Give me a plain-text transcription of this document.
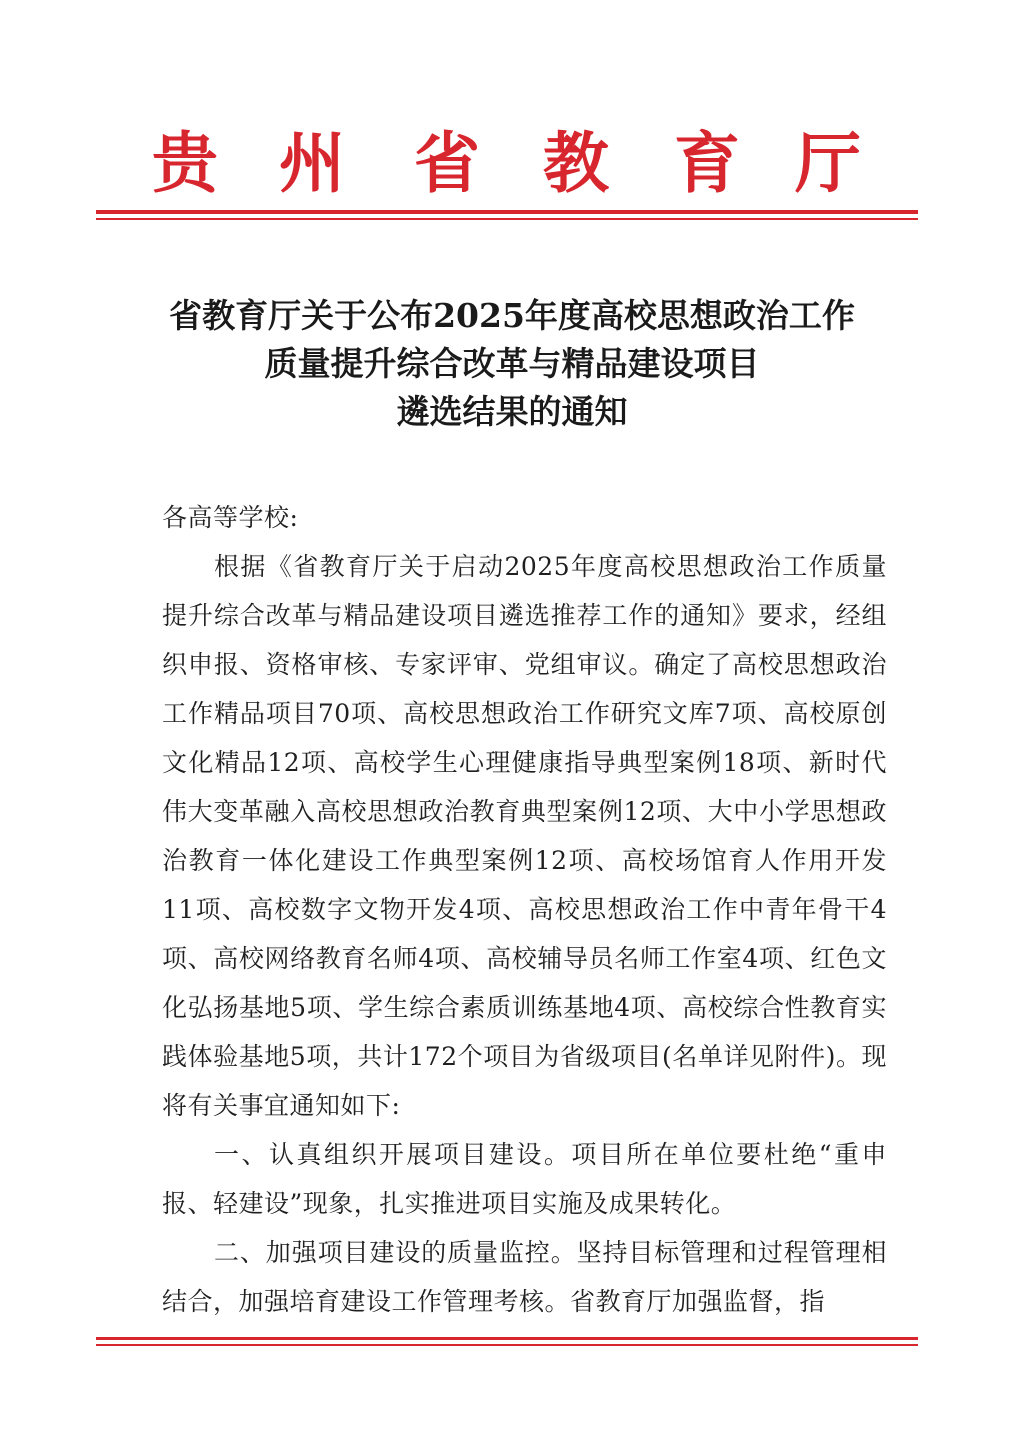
贵 州 省 教 育 厅
省教育厅关于公布2025年度高校思想政治工作
质量提升综合改革与精品建设项目
遴选结果的通知

各高等学校:

根据《省教育厅关于启动2025年度高校思想政治工作质量提升综合改革与精品建设项目遴选推荐工作的通知》要求，经组织申报、资格审核、专家评审、党组审议。确定了高校思想政治工作精品项目70项、高校思想政治工作研究文库7项、高校原创文化精品12项、高校学生心理健康指导典型案例18项、新时代伟大变革融入高校思想政治教育典型案例12项、大中小学思想政治教育一体化建设工作典型案例12项、高校场馆育人作用开发11项、高校数字文物开发4项、高校思想政治工作中青年骨干4项、高校网络教育名师4项、高校辅导员名师工作室4项、红色文化弘扬基地5项、学生综合素质训练基地4项、高校综合性教育实践体验基地5项，共计172个项目为省级项目(名单详见附件)。现将有关事宜通知如下:

一、认真组织开展项目建设。项目所在单位要杜绝“重申报、轻建设”现象，扎实推进项目实施及成果转化。

二、加强项目建设的质量监控。坚持目标管理和过程管理相结合，加强培育建设工作管理考核。省教育厅加强监督，指
